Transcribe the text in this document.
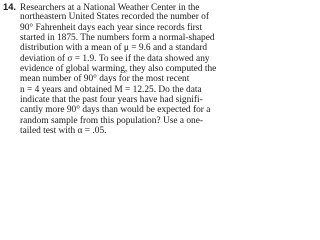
14. Researchers at a National Weather Center in the
northeastern United States recorded the number of
90° Fahrenheit days each year since records first
started in 1875. The numbers form a normal-shaped
distribution with a mean of μ = 9.6 and a standard
deviation of σ = 1.9. To see if the data showed any
evidence of global warming, they also computed the
mean number of 90° days for the most recent
n = 4 years and obtained M = 12.25. Do the data
indicate that the past four years have had signifi-
cantly more 90° days than would be expected for a
random sample from this population? Use a one-
tailed test with α = .05.
